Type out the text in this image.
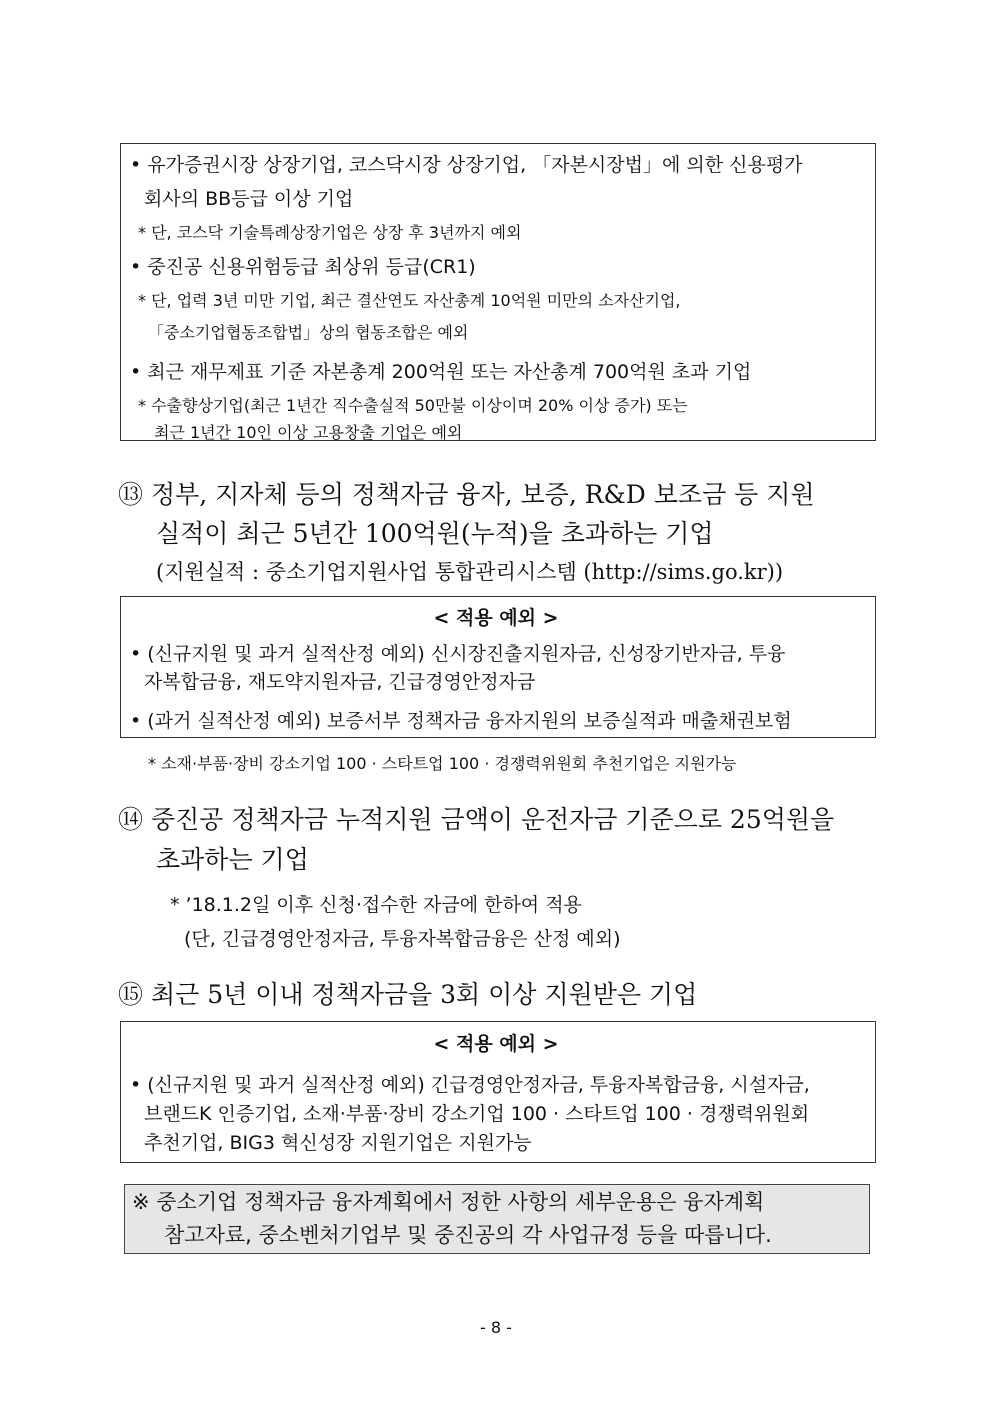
• 유가증권시장 상장기업, 코스닥시장 상장기업, 「자본시장법」에 의한 신용평가
회사의 BB등급 이상 기업
* 단, 코스닥 기술특례상장기업은 상장 후 3년까지 예외
• 중진공 신용위험등급 최상위 등급(CR1)
* 단, 업력 3년 미만 기업, 최근 결산연도 자산총계 10억원 미만의 소자산기업,
「중소기업협동조합법」상의 협동조합은 예외
• 최근 재무제표 기준 자본총계 200억원 또는 자산총계 700억원 초과 기업
* 수출향상기업(최근 1년간 직수출실적 50만불 이상이며 20% 이상 증가) 또는
최근 1년간 10인 이상 고용창출 기업은 예외
⑬ 정부, 지자체 등의 정책자금 융자, 보증, R&D 보조금 등 지원
실적이 최근 5년간 100억원(누적)을 초과하는 기업
(지원실적 : 중소기업지원사업 통합관리시스템 (http://sims.go.kr))
< 적용 예외 >
• (신규지원 및 과거 실적산정 예외) 신시장진출지원자금, 신성장기반자금, 투융
자복합금융, 재도약지원자금, 긴급경영안정자금
• (과거 실적산정 예외) 보증서부 정책자금 융자지원의 보증실적과 매출채권보험
* 소재·부품·장비 강소기업 100 · 스타트업 100 · 경쟁력위원회 추천기업은 지원가능
⑭ 중진공 정책자금 누적지원 금액이 운전자금 기준으로 25억원을
초과하는 기업
* ’18.1.2일 이후 신청·접수한 자금에 한하여 적용
(단, 긴급경영안정자금, 투융자복합금융은 산정 예외)
⑮ 최근 5년 이내 정책자금을 3회 이상 지원받은 기업
< 적용 예외 >
• (신규지원 및 과거 실적산정 예외) 긴급경영안정자금, 투융자복합금융, 시설자금,
브랜드K 인증기업, 소재·부품·장비 강소기업 100 · 스타트업 100 · 경쟁력위원회
추천기업, BIG3 혁신성장 지원기업은 지원가능
※ 중소기업 정책자금 융자계획에서 정한 사항의 세부운용은 융자계획
참고자료, 중소벤처기업부 및 중진공의 각 사업규정 등을 따릅니다.
- 8 -
